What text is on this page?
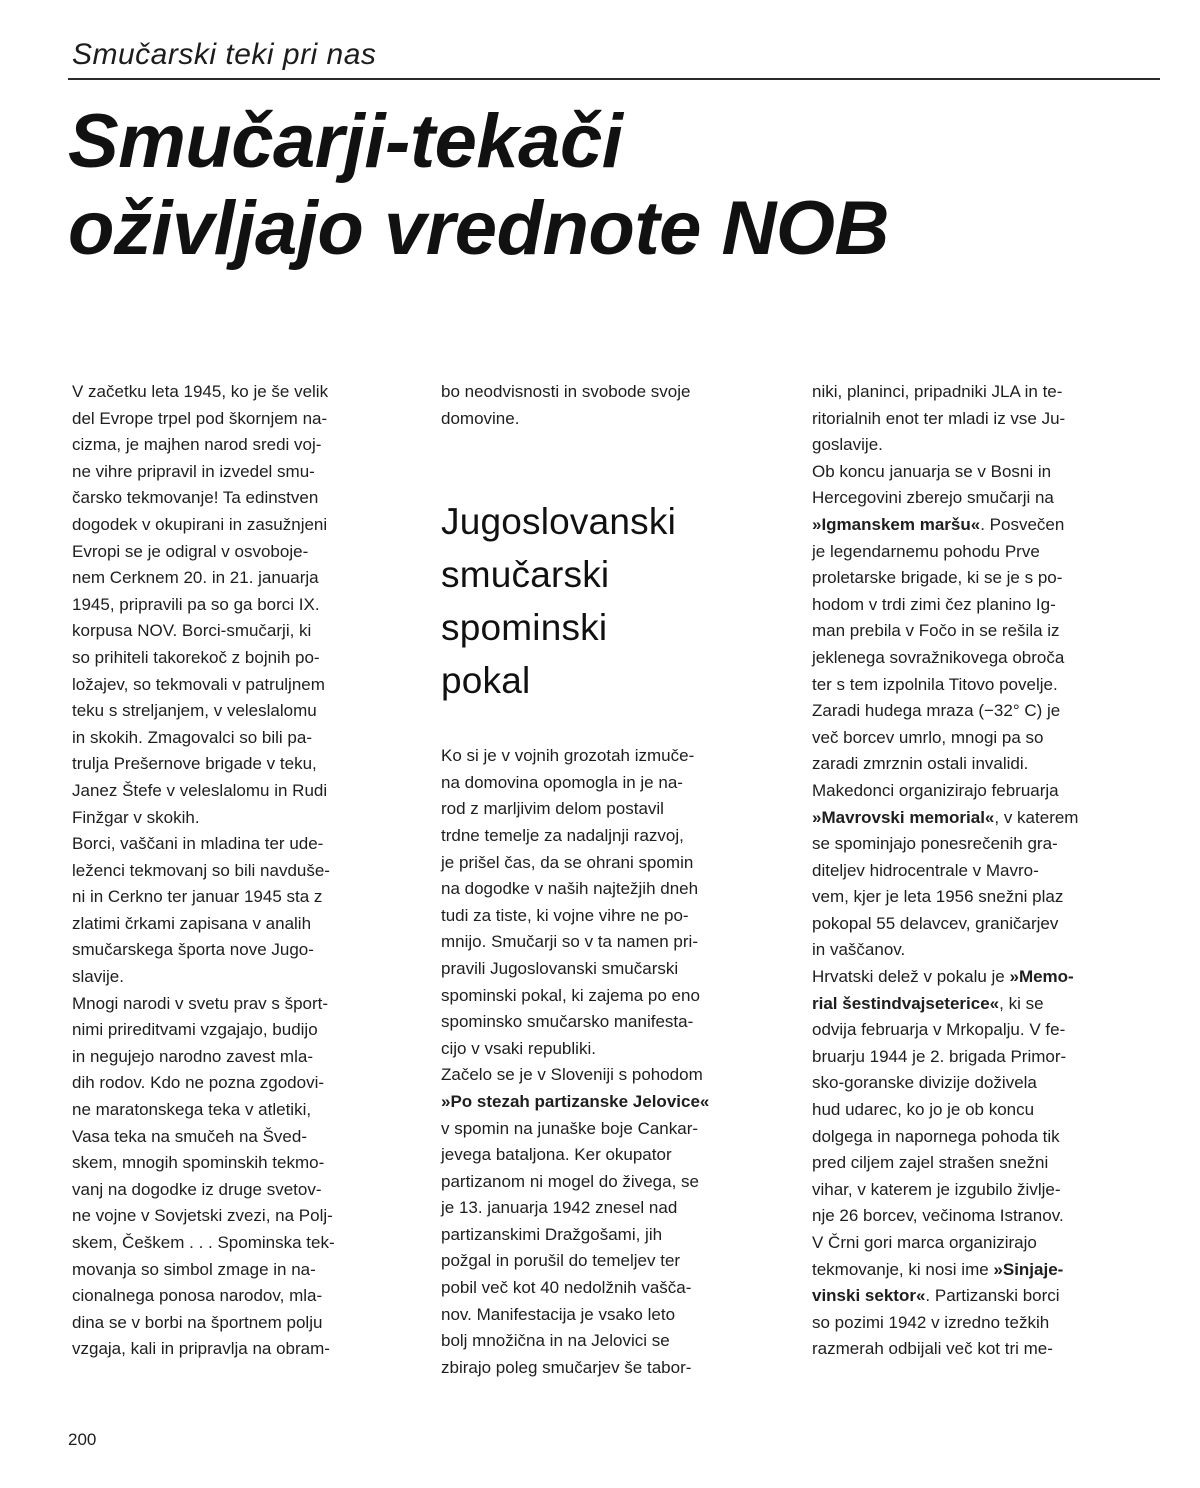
Smučarski teki pri nas
Smučarji-tekači
oživljajo vrednote NOB
V začetku leta 1945, ko je še velik
del Evrope trpel pod škornjem na-
cizma, je majhen narod sredi voj-
ne vihre pripravil in izvedel smu-
čarsko tekmovanje! Ta edinstven
dogodek v okupirani in zasužnjeni
Evropi se je odigral v osvoboje-
nem Cerknem 20. in 21. januarja
1945, pripravili pa so ga borci IX.
korpusa NOV. Borci-smučarji, ki
so prihiteli takorekoč z bojnih po-
ložajev, so tekmovali v patruljnem
teku s streljanjem, v veleslalomu
in skokih. Zmagovalci so bili pa-
trulja Prešernove brigade v teku,
Janez Štefe v veleslalomu in Rudi
Finžgar v skokih.
Borci, vaščani in mladina ter ude-
leženci tekmovanj so bili navduše-
ni in Cerkno ter januar 1945 sta z
zlatimi črkami zapisana v analih
smučarskega športa nove Jugo-
slavije.
Mnogi narodi v svetu prav s šport-
nimi prireditvami vzgajajo, budijo
in negujejo narodno zavest mla-
dih rodov. Kdo ne pozna zgodovi-
ne maratonskega teka v atletiki,
Vasa teka na smučeh na Šved-
skem, mnogih spominskih tekmo-
vanj na dogodke iz druge svetov-
ne vojne v Sovjetski zvezi, na Polj-
skem, Češkem . . . Spominska tek-
movanja so simbol zmage in na-
cionalnega ponosa narodov, mla-
dina se v borbi na športnem polju
vzgaja, kali in pripravlja na obram-
bo neodvisnosti in svobode svoje
domovine.
Jugoslovanski
smučarski
spominski
pokal
Ko si je v vojnih grozotah izmuče-
na domovina opomogla in je na-
rod z marljivim delom postavil
trdne temelje za nadaljnji razvoj,
je prišel čas, da se ohrani spomin
na dogodke v naših najtežjih dneh
tudi za tiste, ki vojne vihre ne po-
mnijo. Smučarji so v ta namen pri-
pravili Jugoslovanski smučarski
spominski pokal, ki zajema po eno
spominsko smučarsko manifesta-
cijo v vsaki republiki.
Začelo se je v Sloveniji s pohodom
»Po stezah partizanske Jelovice«
v spomin na junaške boje Cankar-
jevega bataljona. Ker okupator
partizanom ni mogel do živega, se
je 13. januarja 1942 znesel nad
partizanskimi Dražgošami, jih
požgal in porušil do temeljev ter
pobil več kot 40 nedolžnih vašča-
nov. Manifestacija je vsako leto
bolj množična in na Jelovici se
zbirajo poleg smučarjev še tabor-
niki, planinci, pripadniki JLA in te-
ritorialnih enot ter mladi iz vse Ju-
goslavije.
Ob koncu januarja se v Bosni in
Hercegovini zberejo smučarji na
»Igmanskem maršu«. Posvečen
je legendarnemu pohodu Prve
proletarske brigade, ki se je s po-
hodom v trdi zimi čez planino Ig-
man prebila v Fočo in se rešila iz
jeklenega sovražnikovega obroča
ter s tem izpolnila Titovo povelje.
Zaradi hudega mraza (−32° C) je
več borcev umrlo, mnogi pa so
zaradi zmrznin ostali invalidi.
Makedonci organizirajo februarja
»Mavrovski memorial«, v katerem
se spominjajo ponesrečenih gra-
diteljev hidrocentrale v Mavro-
vem, kjer je leta 1956 snežni plaz
pokopal 55 delavcev, graničarjev
in vaščanov.
Hrvatski delež v pokalu je »Memo-
rial šestindvajseterice«, ki se
odvija februarja v Mrkopalju. V fe-
bruarju 1944 je 2. brigada Primor-
sko-goranske divizije doživela
hud udarec, ko jo je ob koncu
dolgega in napornega pohoda tik
pred ciljem zajel strašen snežni
vihar, v katerem je izgubilo življe-
nje 26 borcev, večinoma Istranov.
V Črni gori marca organizirajo
tekmovanje, ki nosi ime »Sinjaje-
vinski sektor«. Partizanski borci
so pozimi 1942 v izredno težkih
razmerah odbijali več kot tri me-
200
